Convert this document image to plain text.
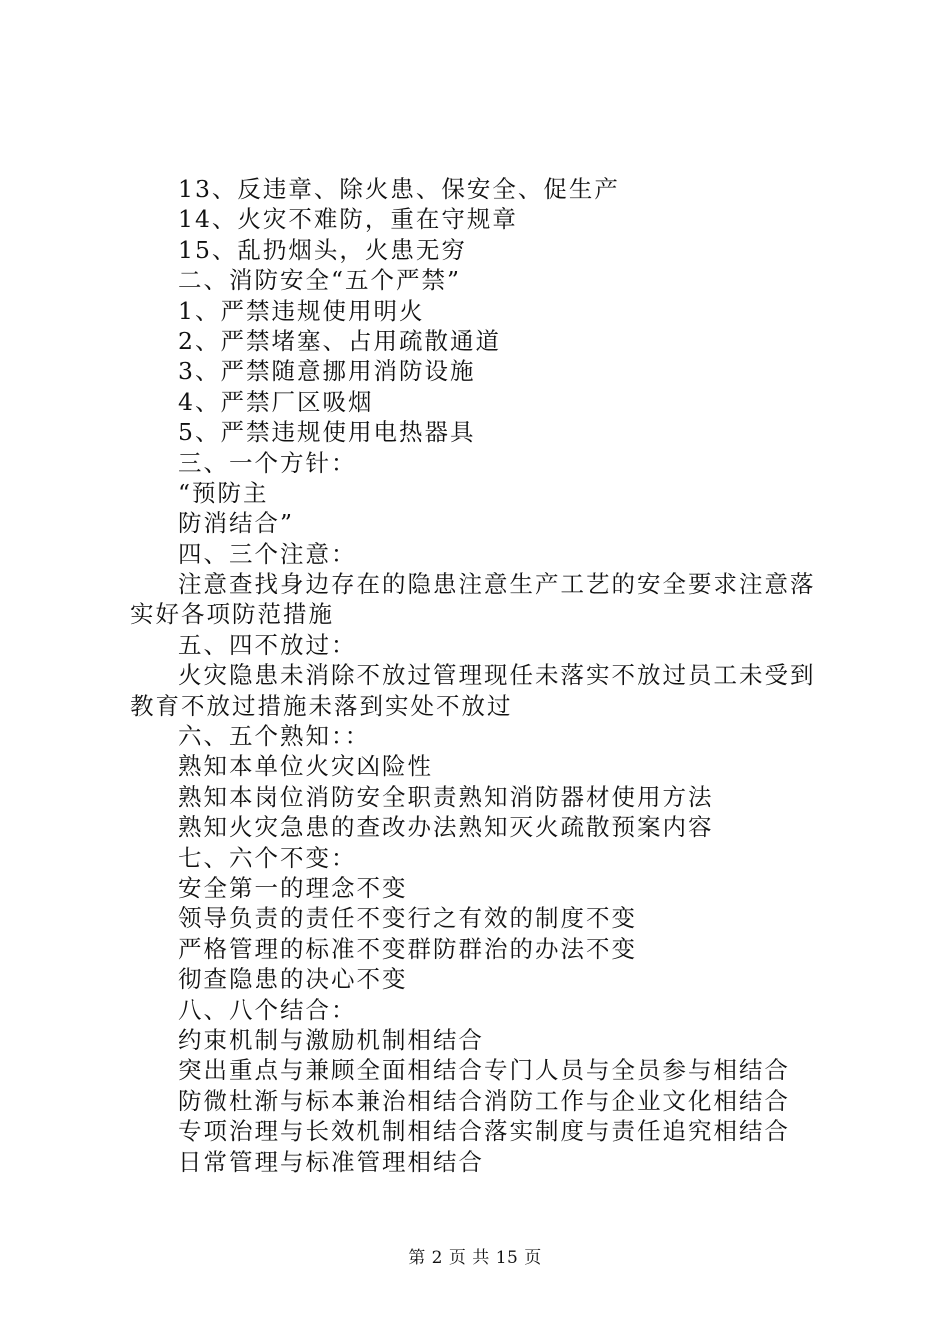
13、反违章、除火患、保安全、促生产
14、火灾不难防，重在守规章
15、乱扔烟头，火患无穷
二、消防安全“五个严禁”
1、严禁违规使用明火
2、严禁堵塞、占用疏散通道
3、严禁随意挪用消防设施
4、严禁厂区吸烟
5、严禁违规使用电热器具
三、一个方针：
“预防主
防消结合”
四、三个注意：
注意查找身边存在的隐患注意生产工艺的安全要求注意落
实好各项防范措施
五、四不放过：
火灾隐患未消除不放过管理现任未落实不放过员工未受到
教育不放过措施未落到实处不放过
六、五个熟知：：
熟知本单位火灾凶险性
熟知本岗位消防安全职责熟知消防器材使用方法
熟知火灾急患的查改办法熟知灭火疏散预案内容
七、六个不变：
安全第一的理念不变
领导负责的责任不变行之有效的制度不变
严格管理的标准不变群防群治的办法不变
彻查隐患的决心不变
八、八个结合：
约束机制与激励机制相结合
突出重点与兼顾全面相结合专门人员与全员参与相结合
防微杜渐与标本兼治相结合消防工作与企业文化相结合
专项治理与长效机制相结合落实制度与责任追究相结合
日常管理与标准管理相结合
第 2 页 共 15 页
